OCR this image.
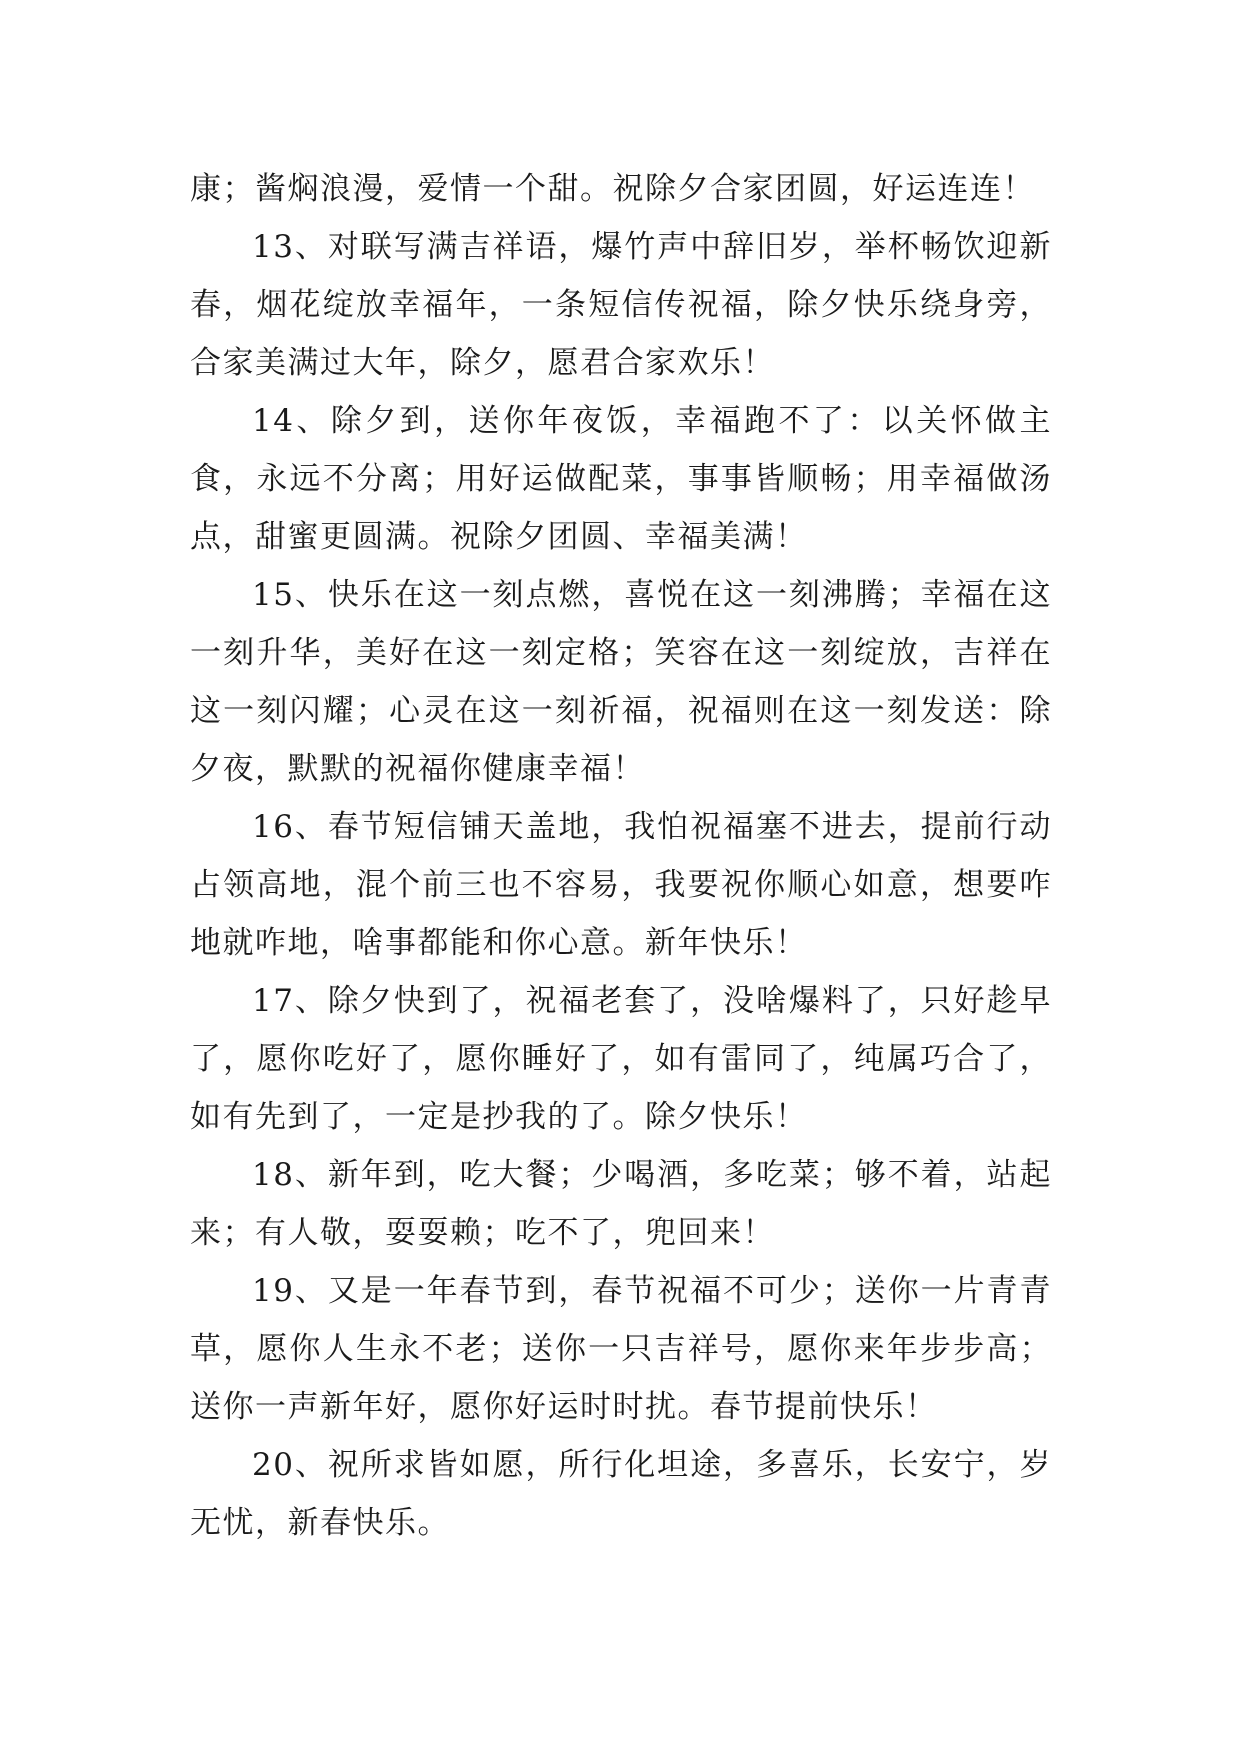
康；酱焖浪漫，爱情一个甜。祝除夕合家团圆，好运连连！

13、对联写满吉祥语，爆竹声中辞旧岁，举杯畅饮迎新春，烟花绽放幸福年，一条短信传祝福，除夕快乐绕身旁，合家美满过大年，除夕，愿君合家欢乐！

14、除夕到，送你年夜饭，幸福跑不了：以关怀做主食，永远不分离；用好运做配菜，事事皆顺畅；用幸福做汤点，甜蜜更圆满。祝除夕团圆、幸福美满！

15、快乐在这一刻点燃，喜悦在这一刻沸腾；幸福在这一刻升华，美好在这一刻定格；笑容在这一刻绽放，吉祥在这一刻闪耀；心灵在这一刻祈福，祝福则在这一刻发送：除夕夜，默默的祝福你健康幸福！

16、春节短信铺天盖地，我怕祝福塞不进去，提前行动占领高地，混个前三也不容易，我要祝你顺心如意，想要咋地就咋地，啥事都能和你心意。新年快乐！

17、除夕快到了，祝福老套了，没啥爆料了，只好趁早了，愿你吃好了，愿你睡好了，如有雷同了，纯属巧合了，如有先到了，一定是抄我的了。除夕快乐！

18、新年到，吃大餐；少喝酒，多吃菜；够不着，站起来；有人敬，耍耍赖；吃不了，兜回来！

19、又是一年春节到，春节祝福不可少；送你一片青青草，愿你人生永不老；送你一只吉祥号，愿你来年步步高；送你一声新年好，愿你好运时时扰。春节提前快乐！

20、祝所求皆如愿，所行化坦途，多喜乐，长安宁，岁无忧，新春快乐。
